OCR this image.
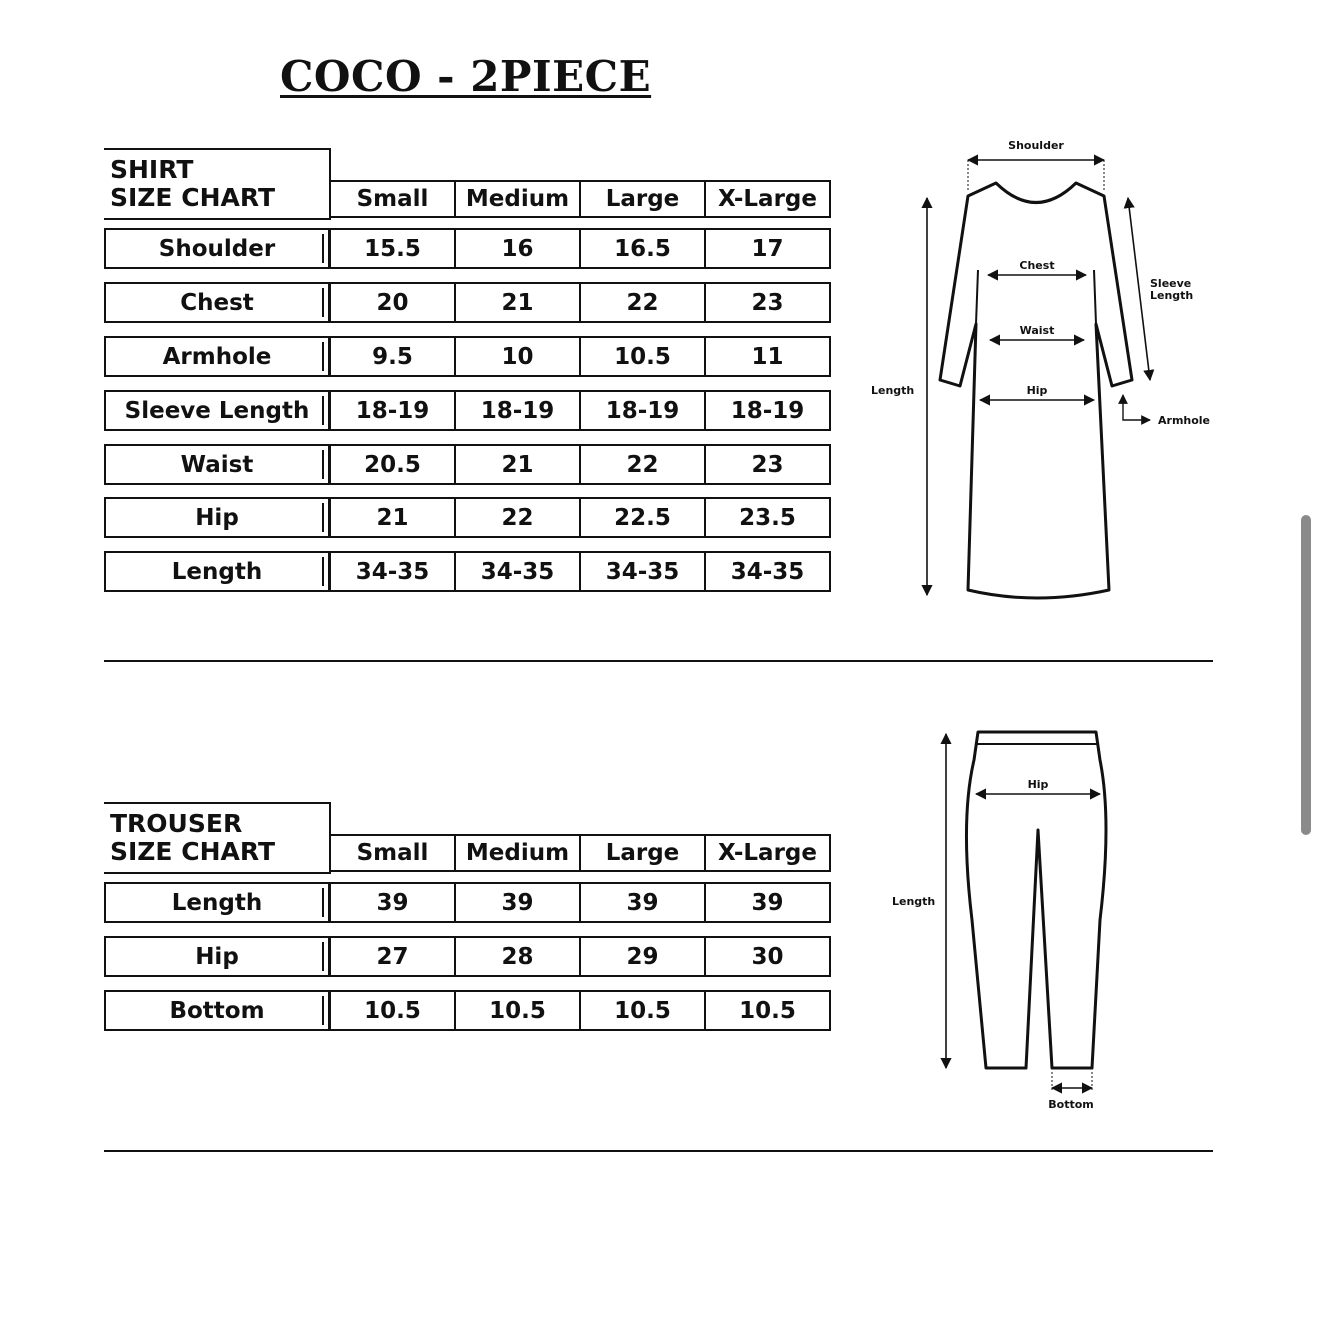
COCO - 2PIECE
SHIRT
SIZE CHART	Small	Medium	Large	X-Large
Shoulder	15.5	16	16.5	17
Chest	20	21	22	23
Armhole	9.5	10	10.5	11
Sleeve Length	18-19	18-19	18-19	18-19
Waist	20.5	21	22	23
Hip	21	22	22.5	23.5
Length	34-35	34-35	34-35	34-35
Shoulder
Chest
Waist
Hip
Sleeve
Length
Length
Armhole
TROUSER
SIZE CHART	Small	Medium	Large	X-Large
Length	39	39	39	39
Hip	27	28	29	30
Bottom	10.5	10.5	10.5	10.5
Hip
Length
Bottom
